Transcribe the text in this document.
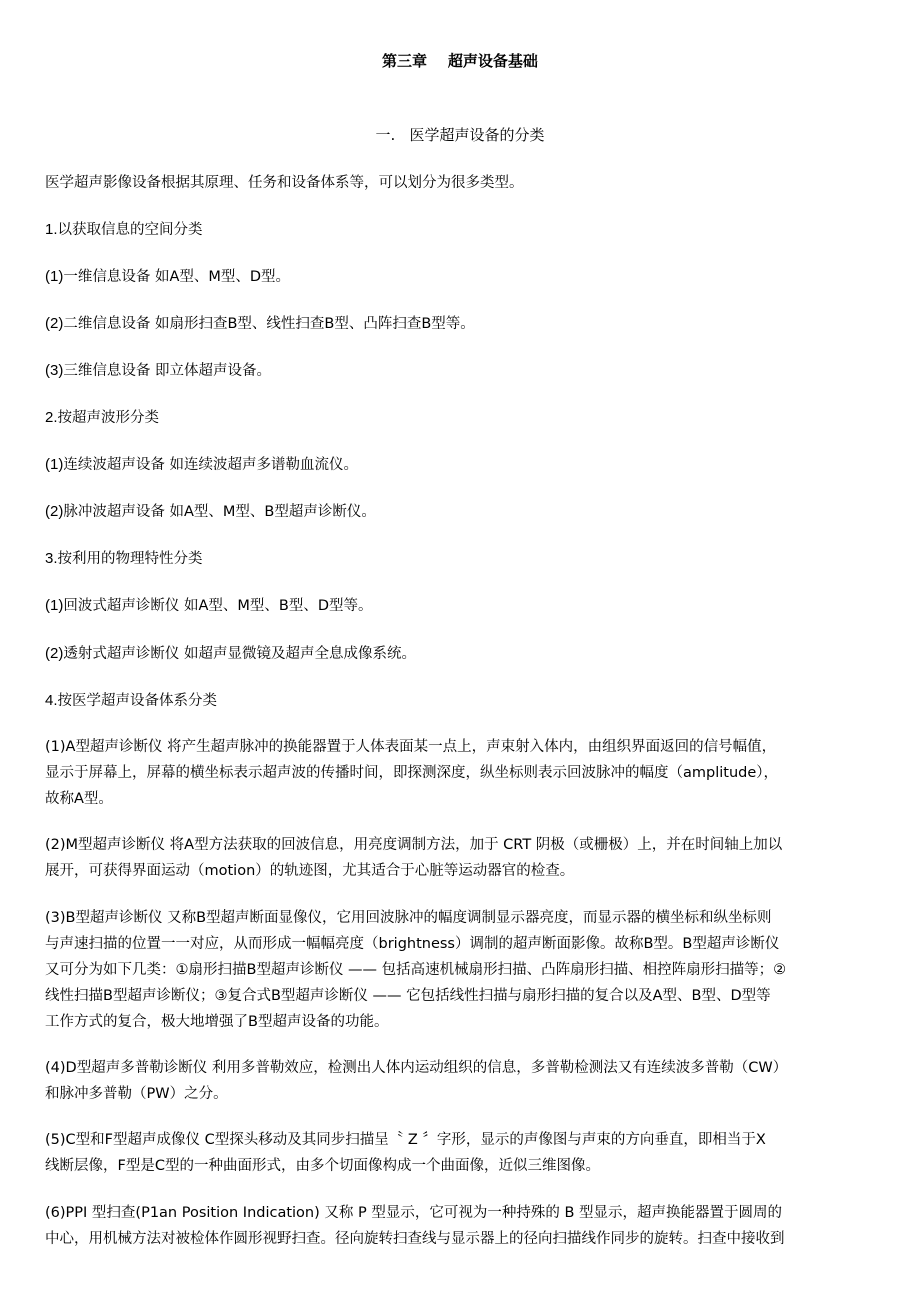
第三章    超声设备基础
一.   医学超声设备的分类

医学超声影像设备根据其原理、任务和设备体系等，可以划分为很多类型。

1.以获取信息的空间分类

(1)一维信息设备 如A型、M型、D型。

(2)二维信息设备 如扇形扫查B型、线性扫查B型、凸阵扫查B型等。

(3)三维信息设备 即立体超声设备。

2.按超声波形分类

(1)连续波超声设备 如连续波超声多谱勒血流仪。

(2)脉冲波超声设备 如A型、M型、B型超声诊断仪。

3.按利用的物理特性分类

(1)回波式超声诊断仪 如A型、M型、B型、D型等。

(2)透射式超声诊断仪 如超声显微镜及超声全息成像系统。

4.按医学超声设备体系分类

(1)A型超声诊断仪 将产生超声脉冲的换能器置于人体表面某一点上，声束射入体内，由组织界面返回的信号幅值，
显示于屏幕上，屏幕的横坐标表示超声波的传播时间，即探测深度，纵坐标则表示回波脉冲的幅度（amplitude），
故称A型。
(2)M型超声诊断仪 将A型方法获取的回波信息，用亮度调制方法，加于 CRT 阴极（或栅极）上，并在时间轴上加以
展开，可获得界面运动（motion）的轨迹图，尤其适合于心脏等运动器官的检查。
(3)B型超声诊断仪 又称B型超声断面显像仪，它用回波脉冲的幅度调制显示器亮度，而显示器的横坐标和纵坐标则
与声速扫描的位置一一对应，从而形成一幅幅亮度（brightness）调制的超声断面影像。故称B型。B型超声诊断仪
又可分为如下几类：①扇形扫描B型超声诊断仪 —— 包括高速机械扇形扫描、凸阵扇形扫描、相控阵扇形扫描等；②
线性扫描B型超声诊断仪；③复合式B型超声诊断仪 —— 它包括线性扫描与扇形扫描的复合以及A型、B型、D型等
工作方式的复合，极大地增强了B型超声设备的功能。
(4)D型超声多普勒诊断仪 利用多普勒效应，检测出人体内运动组织的信息，多普勒检测法又有连续波多普勒（CW）
和脉冲多普勒（PW）之分。
(5)C型和F型超声成像仪 C型探头移动及其同步扫描呈〝 Z 〞字形，显示的声像图与声束的方向垂直，即相当于X
线断层像，F型是C型的一种曲面形式，由多个切面像构成一个曲面像，近似三维图像。
(6)PPI 型扫查(P1an Position Indication) 又称 P 型显示，它可视为一种持殊的 B 型显示，超声换能器置于圆周的
中心，用机械方法对被检体作圆形视野扫查。径向旋转扫查线与显示器上的径向扫描线作同步的旋转。扫查中接收到
